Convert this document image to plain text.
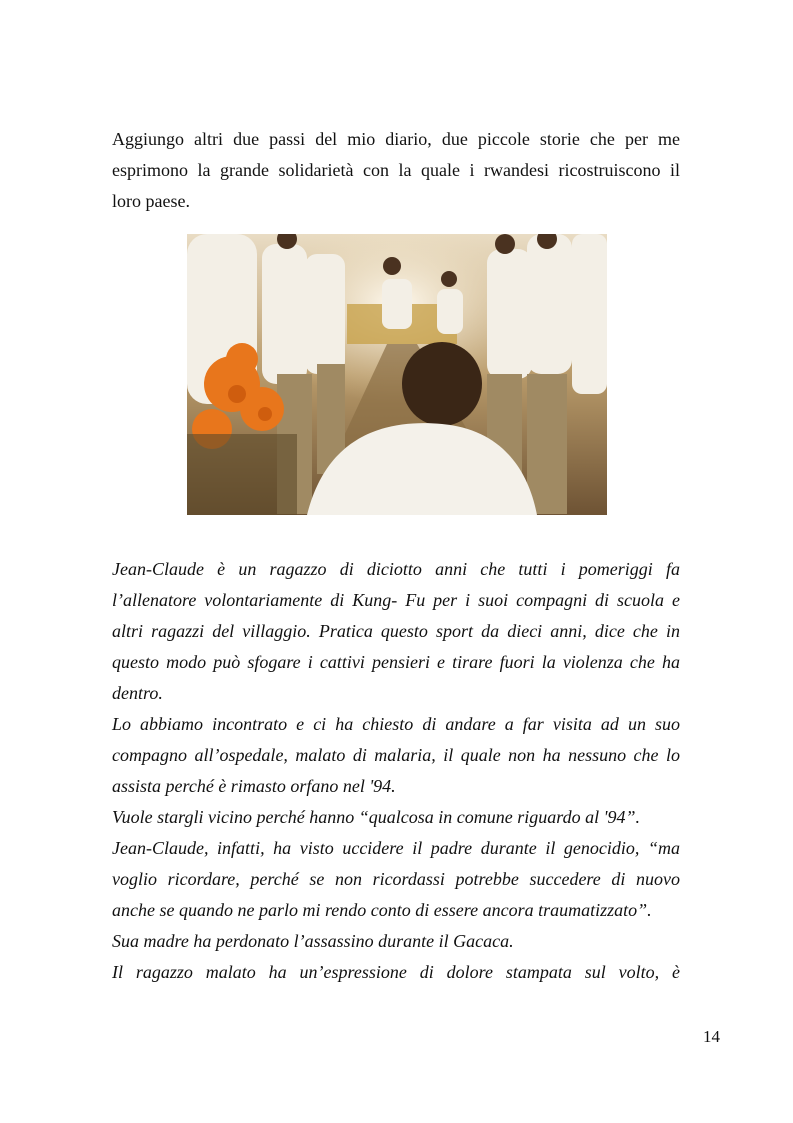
Aggiungo altri due passi del mio diario, due piccole storie che per me
esprimono la grande solidarietà con la quale i rwandesi ricostruiscono il
loro paese.
Jean-Claude è un ragazzo di diciotto anni che tutti i pomeriggi fa
l’allenatore volontariamente di Kung- Fu per i suoi compagni di scuola e
altri ragazzi del villaggio. Pratica questo sport da dieci anni, dice che in
questo modo può sfogare i cattivi pensieri e tirare fuori la violenza che ha
dentro.
Lo abbiamo incontrato e ci ha chiesto di andare a far visita ad un suo
compagno all’ospedale, malato di malaria, il quale non ha nessuno che lo
assista perché è rimasto orfano nel '94.
Vuole stargli vicino perché hanno “qualcosa in comune riguardo al '94”.
Jean-Claude, infatti, ha visto uccidere il padre durante il genocidio, “ma
voglio ricordare, perché se non ricordassi potrebbe succedere di nuovo
anche se quando ne parlo mi rendo conto di essere ancora traumatizzato”.
Sua madre ha perdonato l’assassino durante il Gacaca.
Il ragazzo malato ha un’espressione di dolore stampata sul volto, è
14
